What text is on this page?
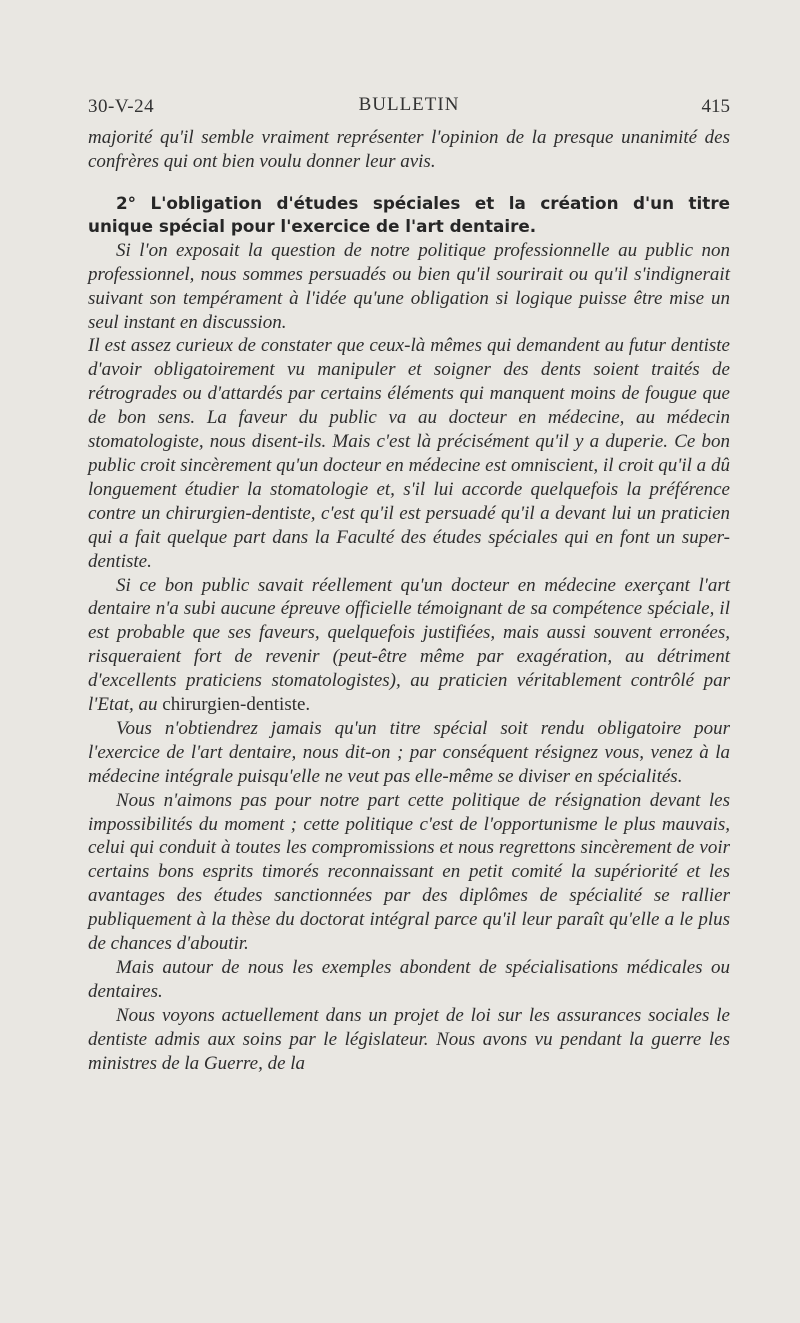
30-V-24	BULLETIN	415

majorité qu'il semble vraiment représenter l'opinion de la presque unanimité des confrères qui ont bien voulu donner leur avis.

2° L'obligation d'études spéciales et la création d'un titre unique spécial pour l'exercice de l'art dentaire.

Si l'on exposait la question de notre politique professionnelle au public non professionnel, nous sommes persuadés ou bien qu'il sourirait ou qu'il s'indignerait suivant son tempérament à l'idée qu'une obligation si logique puisse être mise un seul instant en discussion.

Il est assez curieux de constater que ceux-là mêmes qui demandent au futur dentiste d'avoir obligatoirement vu manipuler et soigner des dents soient traités de rétrogrades ou d'attardés par certains éléments qui manquent moins de fougue que de bon sens. La faveur du public va au docteur en médecine, au médecin stomatologiste, nous disent-ils. Mais c'est là précisément qu'il y a duperie. Ce bon public croit sincèrement qu'un docteur en médecine est omniscient, il croit qu'il a dû longuement étudier la stomatologie et, s'il lui accorde quelquefois la préférence contre un chirurgien-dentiste, c'est qu'il est persuadé qu'il a devant lui un praticien qui a fait quelque part dans la Faculté des études spéciales qui en font un super-dentiste.

Si ce bon public savait réellement qu'un docteur en médecine exerçant l'art dentaire n'a subi aucune épreuve officielle témoignant de sa compétence spéciale, il est probable que ses faveurs, quelquefois justifiées, mais aussi souvent erronées, risqueraient fort de revenir (peut-être même par exagération, au détriment d'excellents praticiens stomatologistes), au praticien véritablement contrôlé par l'Etat, au chirurgien-dentiste.

Vous n'obtiendrez jamais qu'un titre spécial soit rendu obligatoire pour l'exercice de l'art dentaire, nous dit-on ; par conséquent résignez vous, venez à la médecine intégrale puisqu'elle ne veut pas elle-même se diviser en spécialités.

Nous n'aimons pas pour notre part cette politique de résignation devant les impossibilités du moment ; cette politique c'est de l'opportunisme le plus mauvais, celui qui conduit à toutes les compromissions et nous regrettons sincèrement de voir certains bons esprits timorés reconnaissant en petit comité la supériorité et les avantages des études sanctionnées par des diplômes de spécialité se rallier publiquement à la thèse du doctorat intégral parce qu'il leur paraît qu'elle a le plus de chances d'aboutir.

Mais autour de nous les exemples abondent de spécialisations médicales ou dentaires.

Nous voyons actuellement dans un projet de loi sur les assurances sociales le dentiste admis aux soins par le législateur. Nous avons vu pendant la guerre les ministres de la Guerre, de la
